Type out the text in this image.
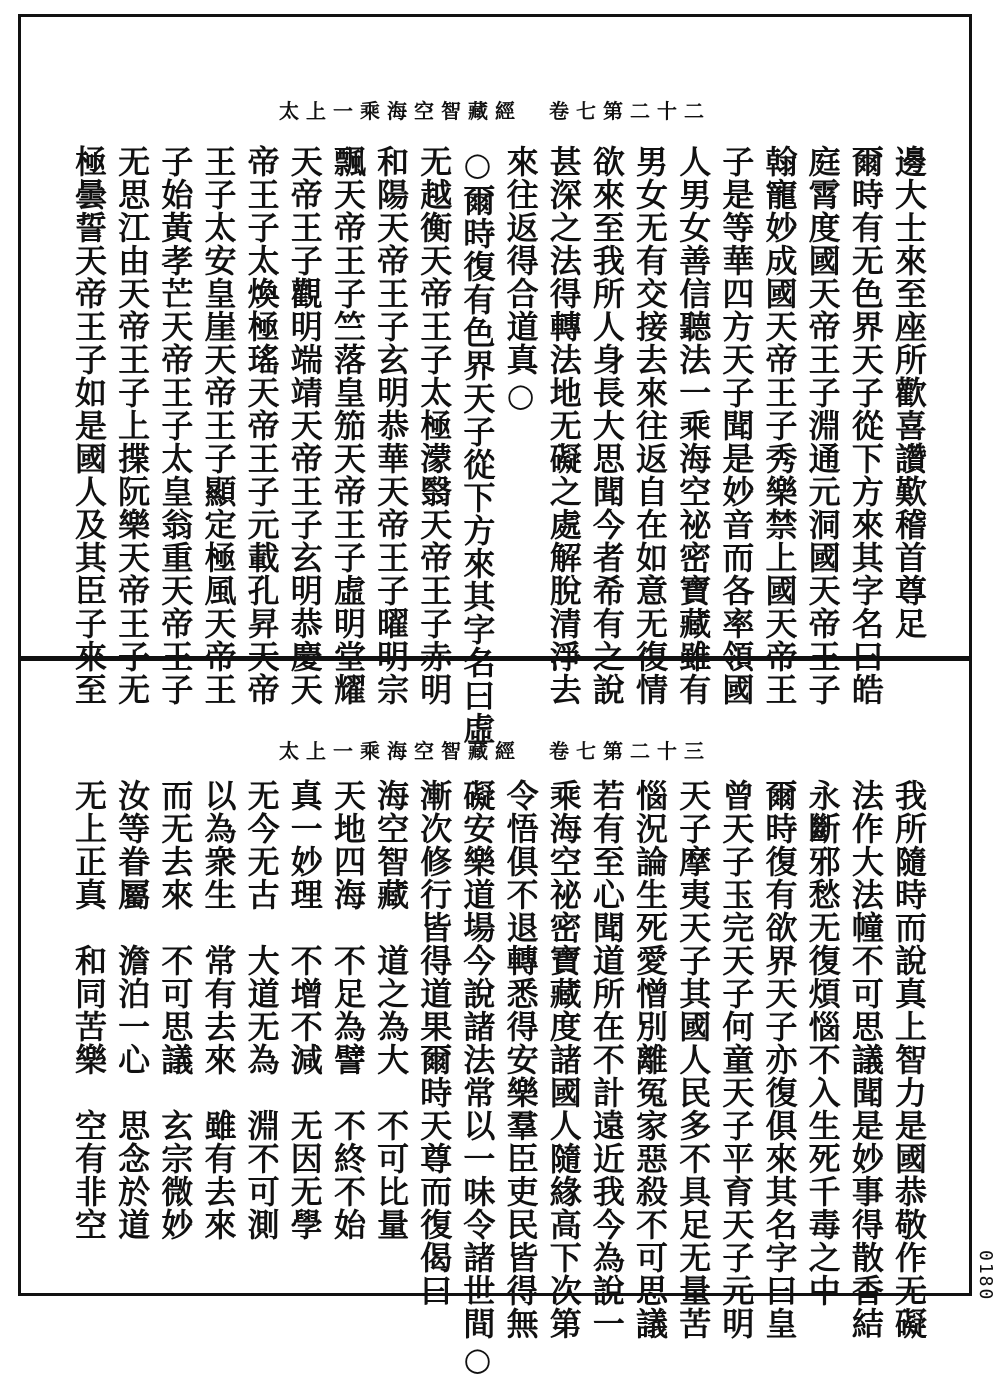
太上一乘海空智藏經　卷七第二十二
邊大士來至座所歡喜讚歎稽首尊足
爾時有无色界天子從下方來其字名曰皓
庭霄度國天帝王子淵通元洞國天帝王子
翰寵妙成國天帝王子秀樂禁上國天帝王
子是等華四方天子聞是妙音而各率領國
人男女善信聽法一乘海空祕密寶藏雖有
男女无有交接去來往返自在如意无復情
欲來至我所人身長大思聞今者希有之說
甚深之法得轉法地无礙之處解脫清淨去
來往返得合道真○
○爾時復有色界天子從下方來其字名曰虛
无越衡天帝王子太極濛翳天帝王子赤明
和陽天帝王子玄明恭華天帝王子曜明宗
飄天帝王子竺落皇笳天帝王子虛明堂耀
天帝王子觀明端靖天帝王子玄明恭慶天
帝王子太煥極瑤天帝王子元載孔昇天帝
王子太安皇崖天帝王子顯定極風天帝王
子始黃孝芒天帝王子太皇翁重天帝王子
无思江由天帝王子上揲阮樂天帝王子无
極曇誓天帝王子如是國人及其臣子來至
太上一乘海空智藏經　卷七第二十三
我所隨時而說真上智力是國恭敬作无礙
法作大法幢不可思議聞是妙事得散香結
永斷邪愁无復煩惱不入生死千毒之中
爾時復有欲界天子亦復俱來其名字曰皇
曾天子玉完天子何童天子平育天子元明
天子摩夷天子其國人民多不具足无量苦
惱況論生死愛憎別離冤家惡殺不可思議
若有至心聞道所在不計遠近我今為說一
乘海空祕密寶藏度諸國人隨緣高下次第
令悟俱不退轉悉得安樂羣臣吏民皆得無
礙安樂道場今說諸法常以一味令諸世間○
漸次修行皆得道果爾時天尊而復偈曰
海空智藏　道之為大　不可比量
天地四海　不足為譬　不終不始
真一妙理　不增不減　无因无學
无今无古　大道无為　淵不可測
以為衆生　常有去來　雖有去來
而无去來　不可思議　玄宗微妙
汝等眷屬　澹泊一心　思念於道
无上正真　和同苦樂　空有非空
0180
